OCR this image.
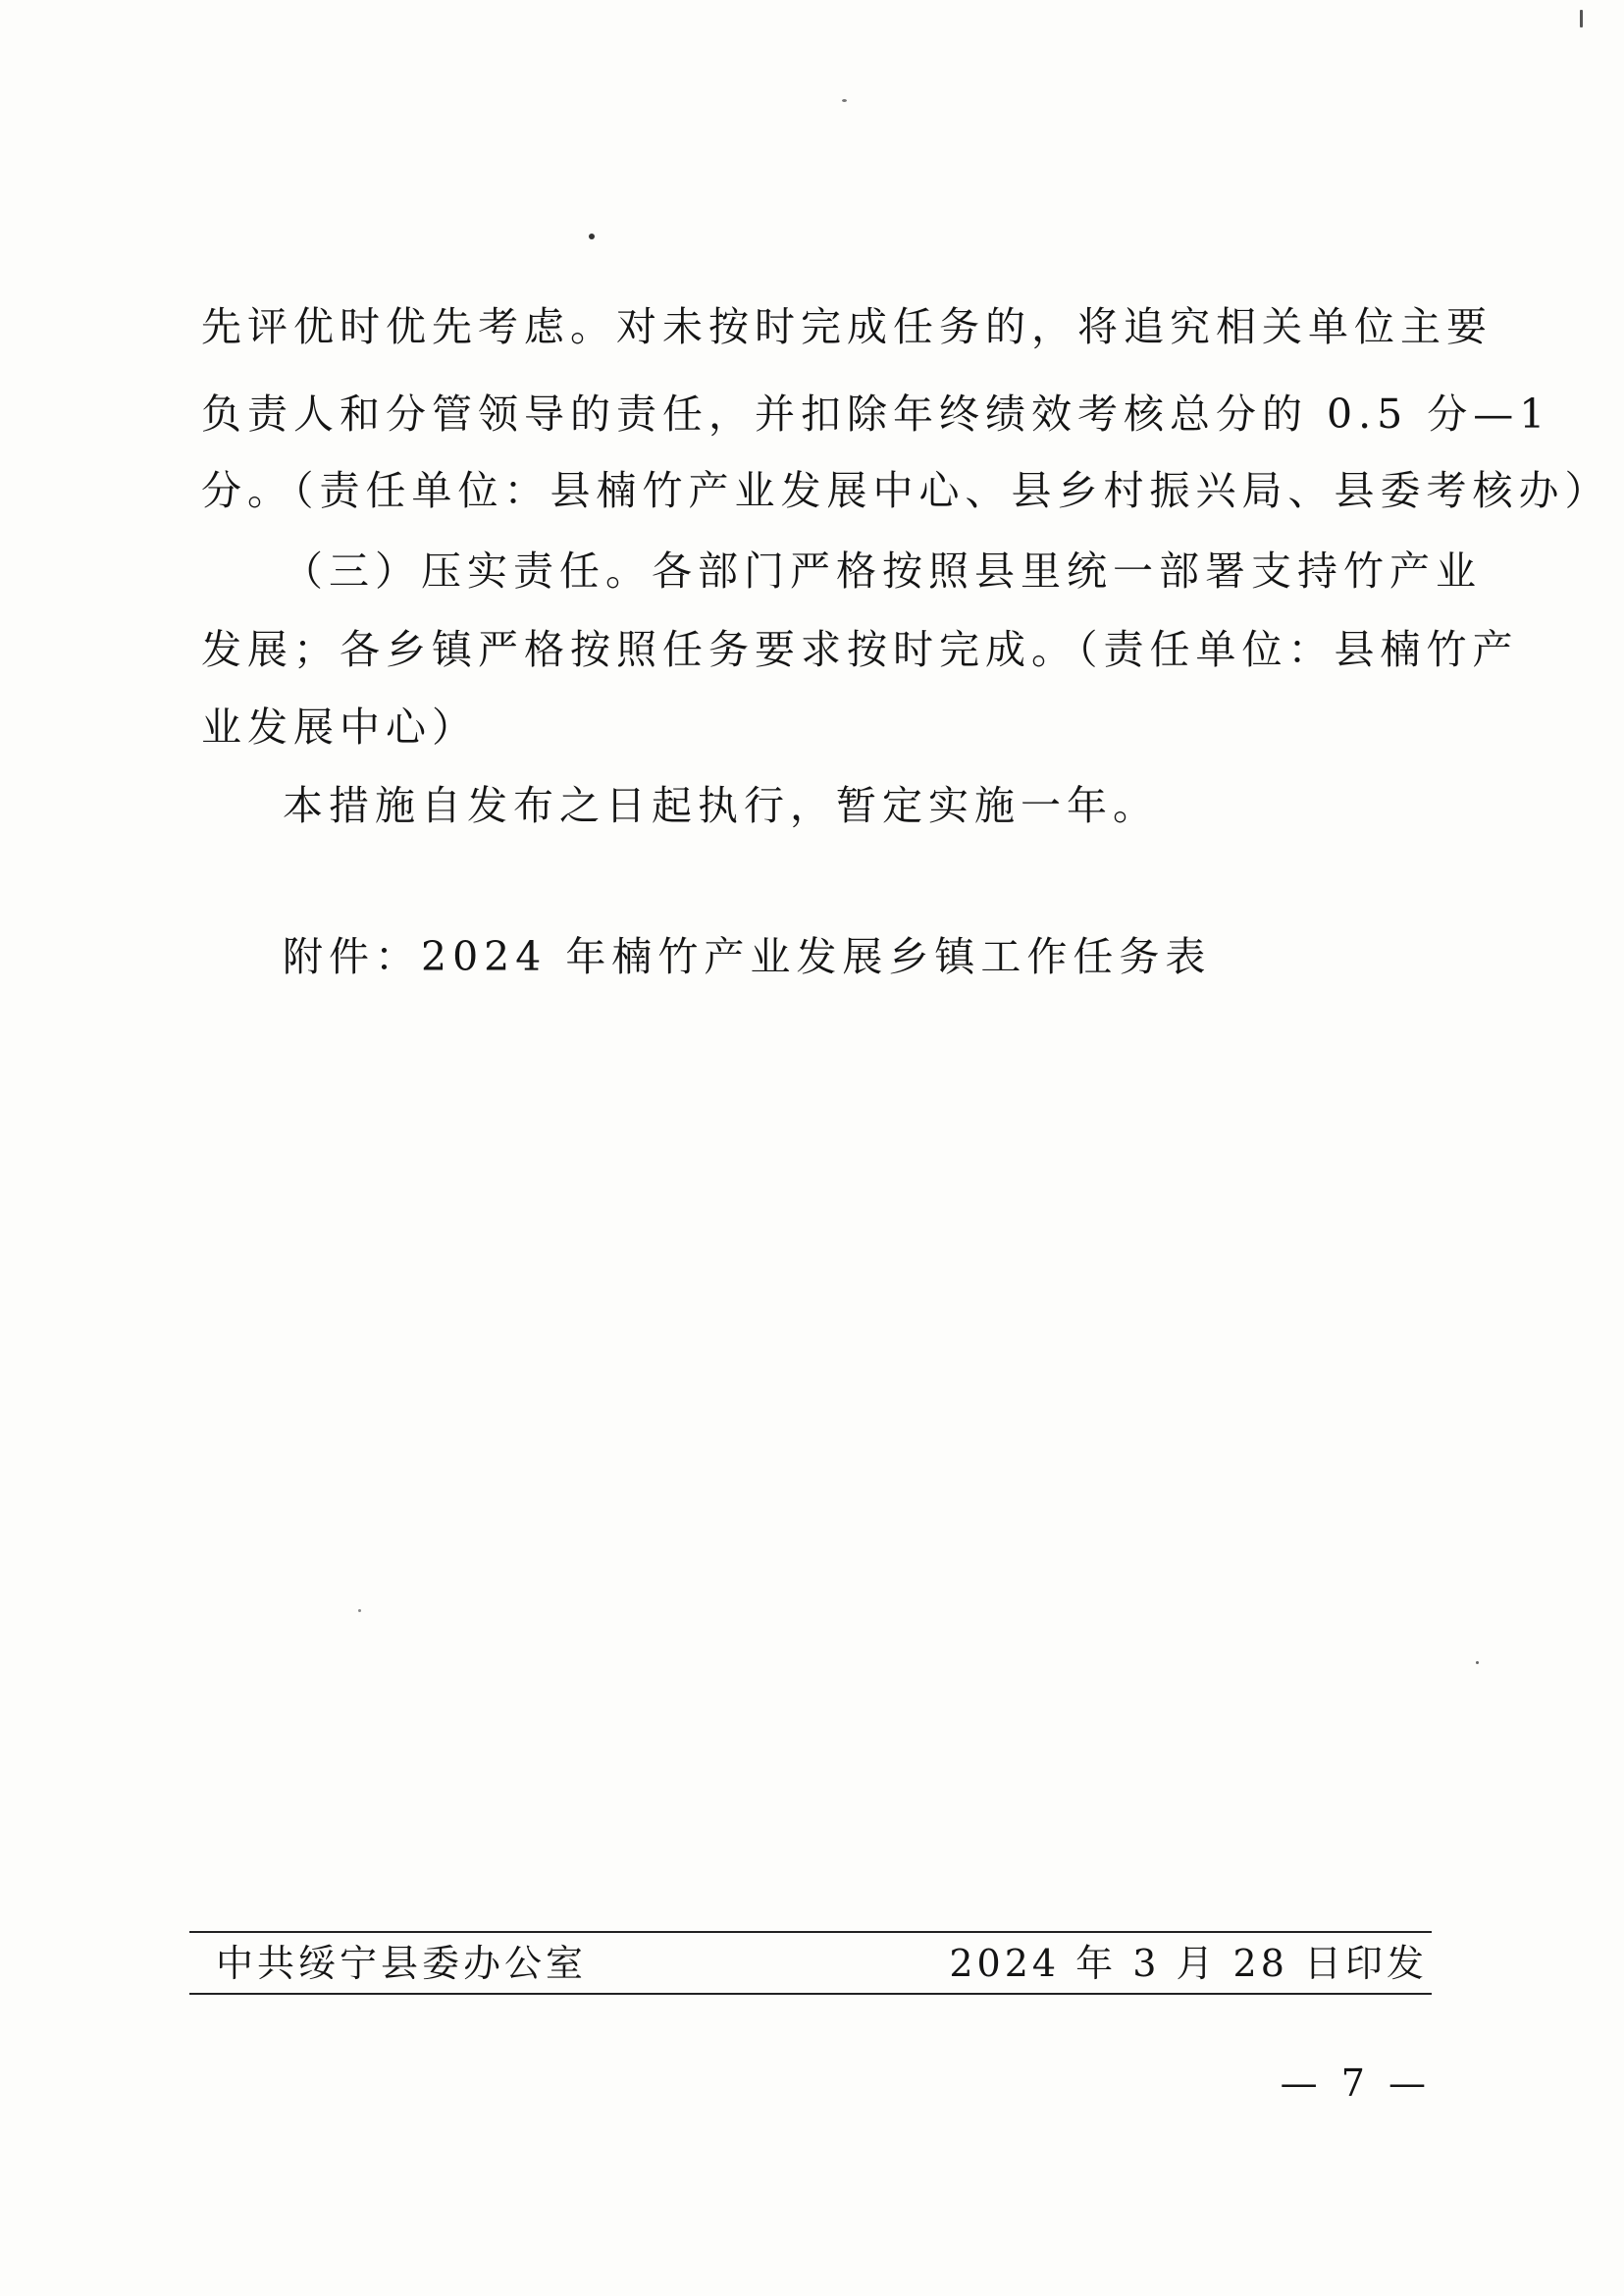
先评优时优先考虑。对未按时完成任务的，将追究相关单位主要
负责人和分管领导的责任，并扣除年终绩效考核总分的 0.5 分—1
分。（责任单位：县楠竹产业发展中心、县乡村振兴局、县委考核办）
（三）压实责任。各部门严格按照县里统一部署支持竹产业
发展；各乡镇严格按照任务要求按时完成。（责任单位：县楠竹产
业发展中心）
本措施自发布之日起执行，暂定实施一年。
附件：2024 年楠竹产业发展乡镇工作任务表
中共绥宁县委办公室	2024 年 3 月 28 日印发
— 7 —
